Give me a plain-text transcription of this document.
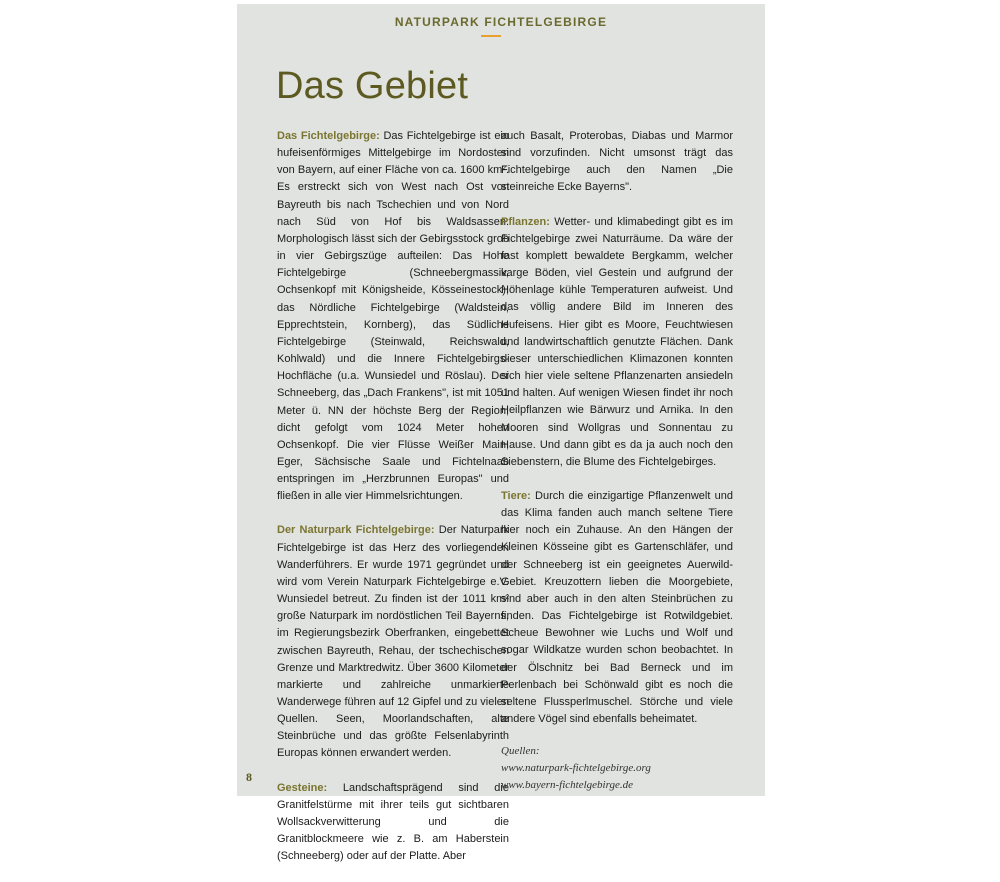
NATURPARK FICHTELGEBIRGE
Das Gebiet

Das Fichtelgebirge: Das Fichtelgebirge ist ein hufeisenförmiges Mittelgebirge im Nordosten von Bayern, auf einer Fläche von ca. 1600 km². Es erstreckt sich von West nach Ost von Bayreuth bis nach Tschechien und von Nord nach Süd von Hof bis Waldsassen. Morphologisch lässt sich der Gebirgsstock grob in vier Gebirgszüge aufteilen: Das Hohe Fichtelgebirge (Schneebergmassiv, Ochsenkopf mit Königsheide, Kösseinestock), das Nördliche Fichtelgebirge (Waldstein, Epprechtstein, Kornberg), das Südliche Fichtelgebirge (Steinwald, Reichswald, Kohlwald) und die Innere Fichtelgebirgs-Hochfläche (u.a. Wunsiedel und Röslau). Der Schneeberg, das „Dach Frankens", ist mit 1051 Meter ü. NN der höchste Berg der Region, dicht gefolgt vom 1024 Meter hohen Ochsenkopf. Die vier Flüsse Weißer Main, Eger, Sächsische Saale und Fichtelnaab entspringen im „Herzbrunnen Europas" und fließen in alle vier Himmelsrichtungen.

Der Naturpark Fichtelgebirge: Der Naturpark Fichtelgebirge ist das Herz des vorliegenden Wanderführers. Er wurde 1971 gegründet und wird vom Verein Naturpark Fichtelgebirge e.V. Wunsiedel betreut. Zu finden ist der 1011 km² große Naturpark im nordöstlichen Teil Bayerns, im Regierungsbezirk Oberfranken, eingebettet zwischen Bayreuth, Rehau, der tschechischen Grenze und Marktredwitz. Über 3600 Kilometer markierte und zahlreiche unmarkierte Wanderwege führen auf 12 Gipfel und zu vielen Quellen. Seen, Moorlandschaften, alte Steinbrüche und das größte Felsenlabyrinth Europas können erwandert werden.

Gesteine: Landschaftsprägend sind die Granitfelstürme mit ihrer teils gut sichtbaren Wollsackverwitterung und die Granitblockmeere wie z. B. am Haberstein (Schneeberg) oder auf der Platte. Aber

auch Basalt, Proterobas, Diabas und Marmor sind vorzufinden. Nicht umsonst trägt das Fichtelgebirge auch den Namen „Die steinreiche Ecke Bayerns".

Pflanzen: Wetter- und klimabedingt gibt es im Fichtelgebirge zwei Naturräume. Da wäre der fast komplett bewaldete Bergkamm, welcher karge Böden, viel Gestein und aufgrund der Höhenlage kühle Temperaturen aufweist. Und das völlig andere Bild im Inneren des Hufeisens. Hier gibt es Moore, Feuchtwiesen und landwirtschaftlich genutzte Flächen. Dank dieser unterschiedlichen Klimazonen konnten sich hier viele seltene Pflanzenarten ansiedeln und halten. Auf wenigen Wiesen findet ihr noch Heilpflanzen wie Bärwurz und Arnika. In den Mooren sind Wollgras und Sonnentau zu Hause. Und dann gibt es da ja auch noch den Siebenstern, die Blume des Fichtelgebirges.

Tiere: Durch die einzigartige Pflanzenwelt und das Klima fanden auch manch seltene Tiere hier noch ein Zuhause. An den Hängen der Kleinen Kösseine gibt es Gartenschläfer, und der Schneeberg ist ein geeignetes Auerwild-Gebiet. Kreuzottern lieben die Moorgebiete, sind aber auch in den alten Steinbrüchen zu finden. Das Fichtelgebirge ist Rotwildgebiet. Scheue Bewohner wie Luchs und Wolf und sogar Wildkatze wurden schon beobachtet. In der Ölschnitz bei Bad Berneck und im Perlenbach bei Schönwald gibt es noch die seltene Flussperlmuschel. Störche und viele andere Vögel sind ebenfalls beheimatet.

Quellen:
www.naturpark-fichtelgebirge.org
www.bayern-fichtelgebirge.de
8
